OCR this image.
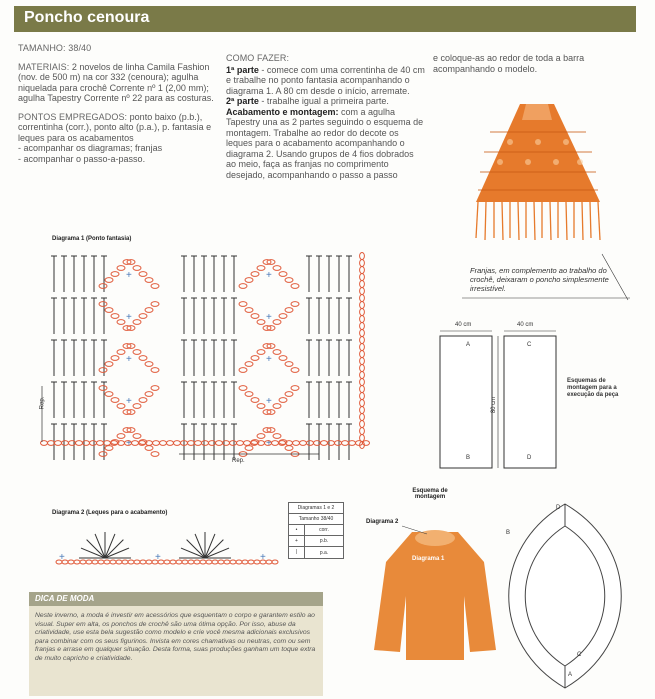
Poncho cenoura

TAMANHO: 38/40

MATERIAIS: 2 novelos de linha Camila Fashion (nov. de 500 m) na cor 332 (cenoura); agulha niquelada para crochê Corrente nº 1 (2,00 mm); agulha Tapestry Corrente nº 22 para as costuras.

PONTOS EMPREGADOS: ponto baixo (p.b.), correntinha (corr.), ponto alto (p.a.), p. fantasia e leques para os acabamentos
- acompanhar os diagramas; franjas
- acompanhar o passo-a-passo.

COMO FAZER:

1ª parte - comece com uma correntinha de 40 cm e trabalhe no ponto fantasia acompanhando o diagrama 1. A 80 cm desde o início, arremate.

2ª parte - trabalhe igual a primeira parte.

Acabamento e montagem: com a agulha Tapestry una as 2 partes seguindo o esquema de montagem. Trabalhe ao redor do decote os leques para o acabamento acompanhando o diagrama 2. Usando grupos de 4 fios dobrados ao meio, faça as franjas no comprimento desejado, acompanhando o passo a passo

e coloque-as ao redor de toda a barra acompanhando o modelo.
Franjas, em complemento ao trabalho do crochê, deixaram o poncho simplesmente irresistível.
Diagrama 1 (Ponto fantasia)
+
+
+
+
+
+
+
+
+
+
Rep.
Rep.
Diagrama 2 (Leques para o acabamento)
+	+	+
Diagramas 1 e 2
Tamanho 38/40
•	corr.
+	p.b.
|	p.a.
40 cm	40 cm
A	C
B	D
80 cm
Esquemas de montagem para a execução da peça
Esquema de montagem
Diagrama 2
Diagrama 1
D
B
C
A
DICA DE MODA
Neste inverno, a moda é investir em acessórios que esquentam o corpo e garantem estilo ao visual. Super em alta, os ponchos de crochê são uma ótima opção. Por isso, abuse da criatividade, use esta bela sugestão como modelo e crie você mesma adicionais exclusivos para combinar com os seus figurinos. Invista em cores chamativas ou neutras, com ou sem franjas e arrase em qualquer situação. Desta forma, suas produções ganham um toque extra de muito capricho e criatividade.
